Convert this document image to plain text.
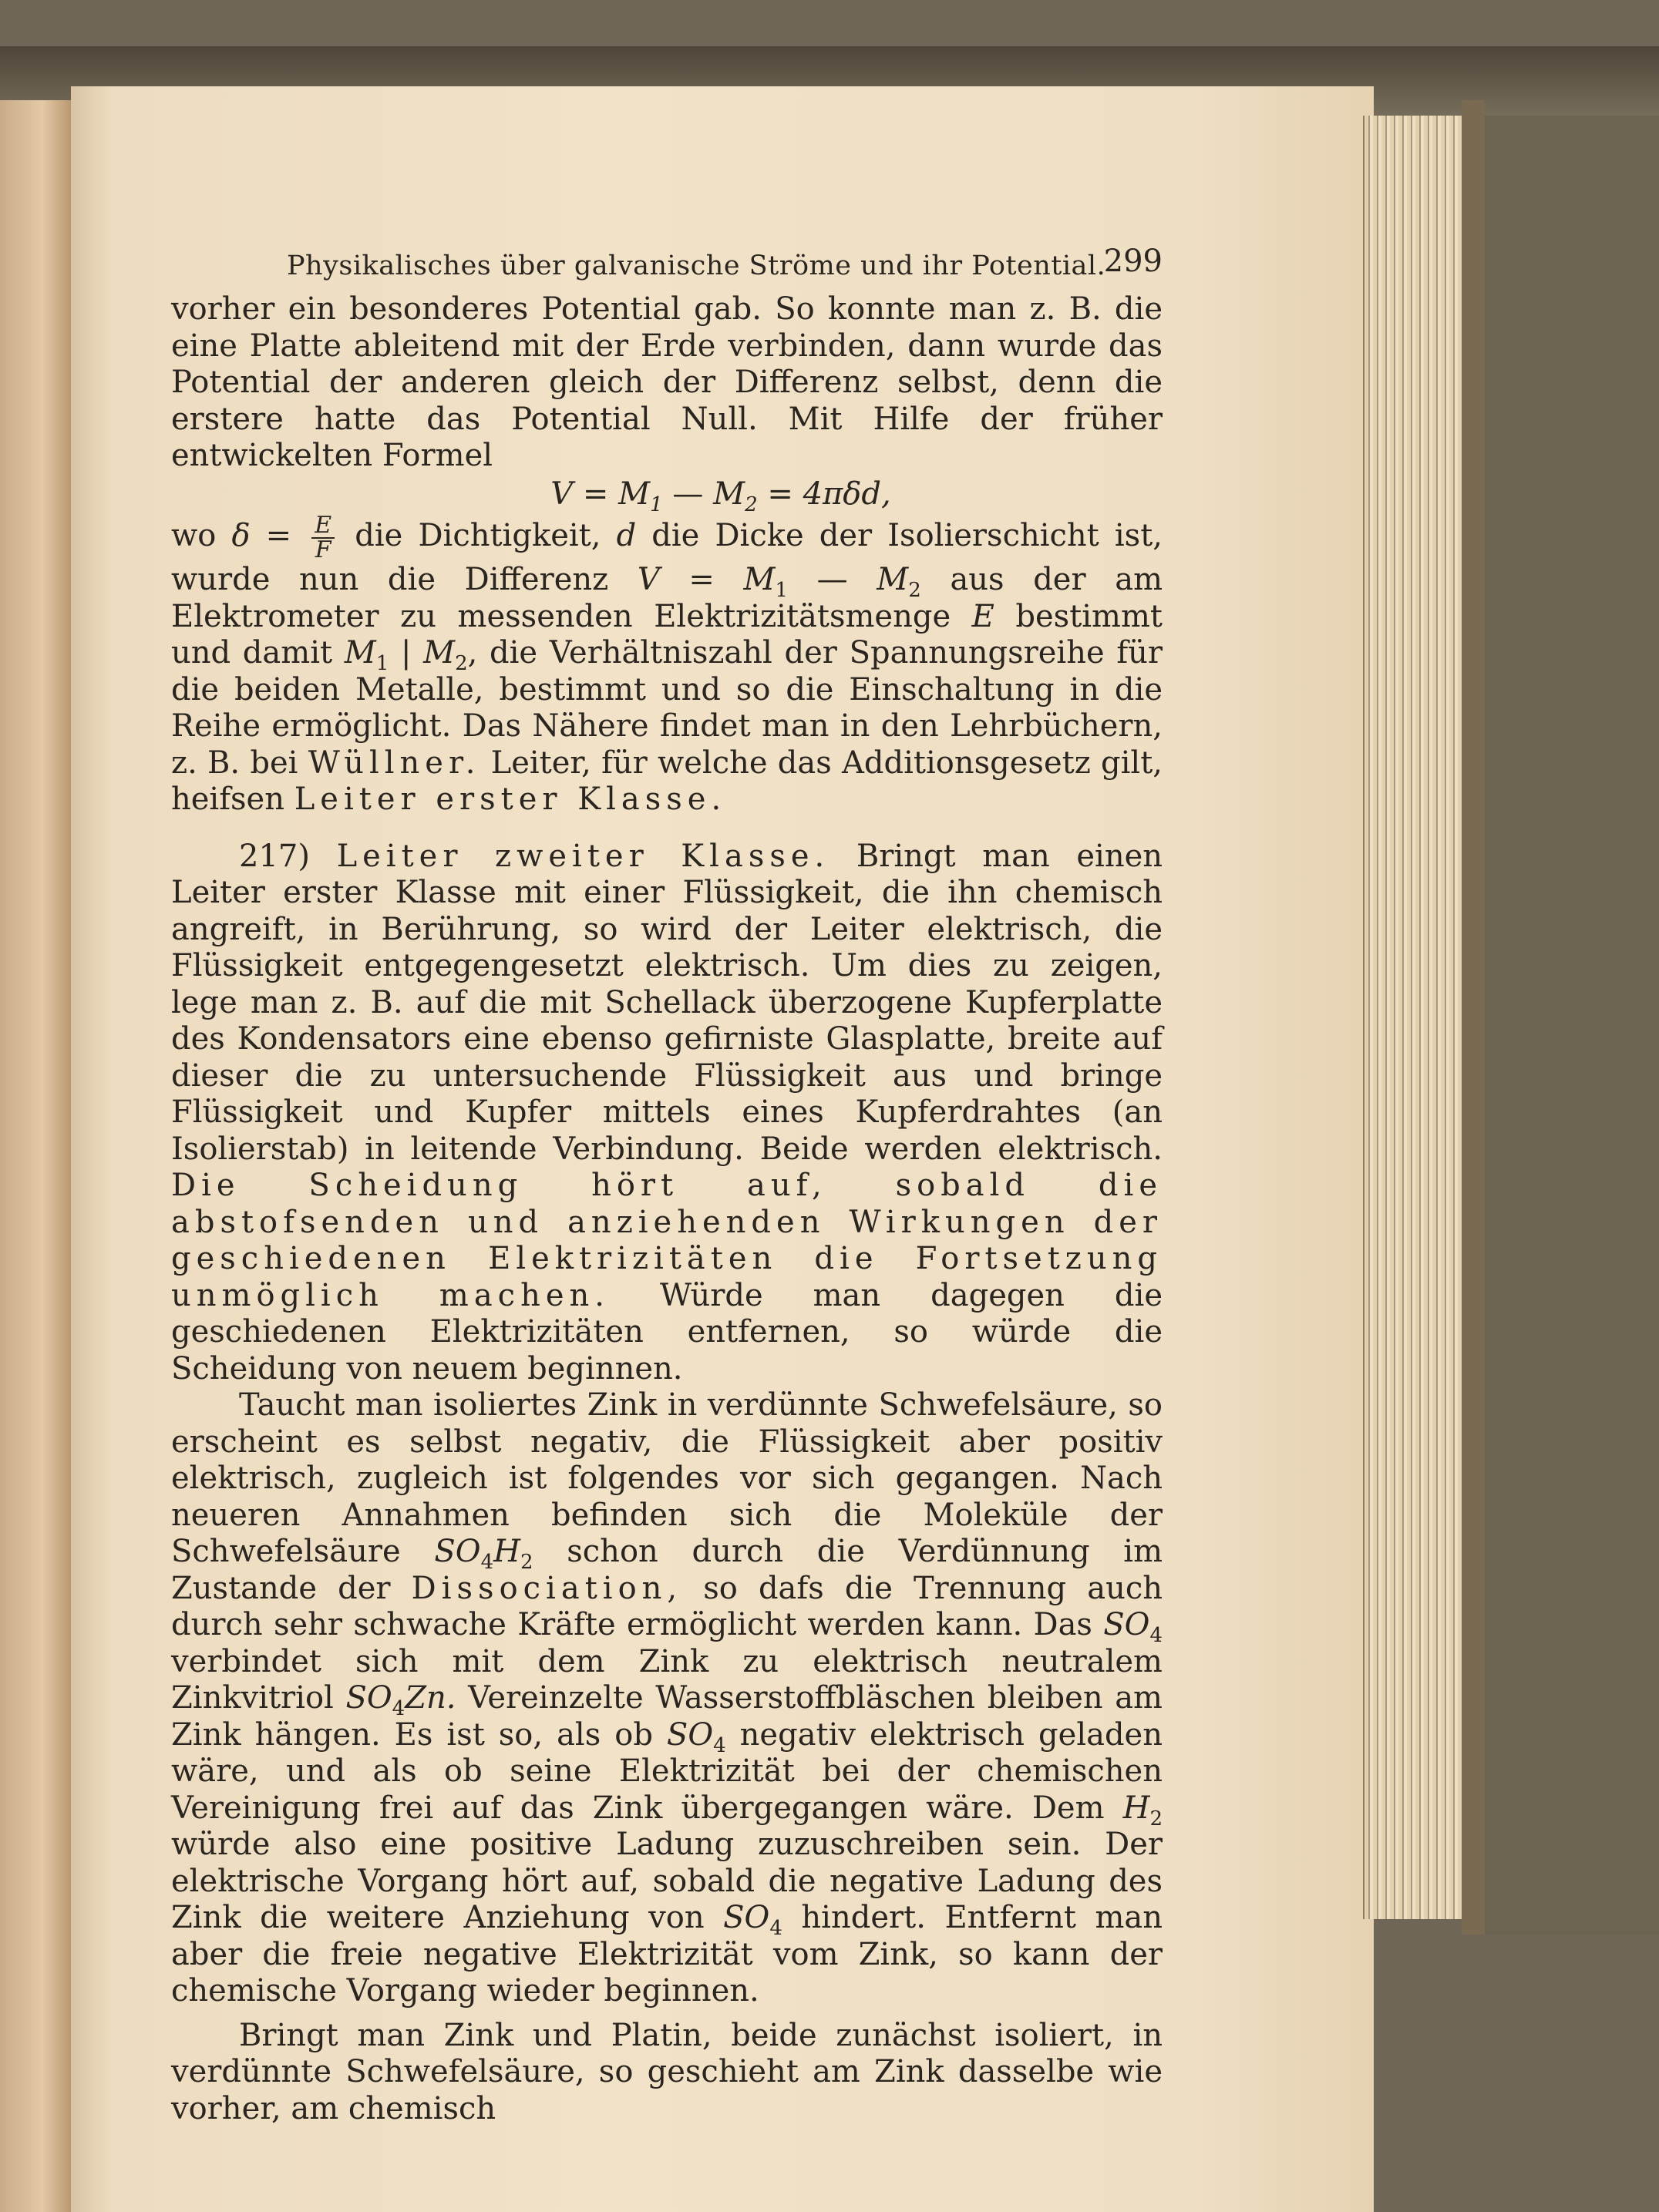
Physikalisches über galvanische Ströme und ihr Potential.
299

vorher ein besonderes Potential gab. So konnte man z. B. die eine Platte ableitend mit der Erde verbinden, dann wurde das Potential der anderen gleich der Differenz selbst, denn die erstere hatte das Potential Null. Mit Hilfe der früher entwickelten Formel

$V = M_1$ — $M_2 = 4\pi\delta d$,

wo $\delta = \frac{E}{F}$ die Dichtigkeit, d die Dicke der Isolierschicht ist, wurde nun die Differenz $V = M_1$ — $M_2$ aus der am Elektrometer zu messenden Elektrizitätsmenge E bestimmt und damit $M_1$ | $M_2$, die Verhältniszahl der Spannungsreihe für die beiden Metalle, bestimmt und so die Einschaltung in die Reihe ermöglicht. Das Nähere findet man in den Lehrbüchern, z. B. bei Wüllner. Leiter, für welche das Additionsgesetz gilt, heifsen Leiter erster Klasse.

217) Leiter zweiter Klasse. Bringt man einen Leiter erster Klasse mit einer Flüssigkeit, die ihn chemisch angreift, in Berührung, so wird der Leiter elektrisch, die Flüssigkeit entgegengesetzt elektrisch. Um dies zu zeigen, lege man z. B. auf die mit Schellack überzogene Kupferplatte des Kondensators eine ebenso gefirniste Glasplatte, breite auf dieser die zu untersuchende Flüssigkeit aus und bringe Flüssigkeit und Kupfer mittels eines Kupferdrahtes (an Isolierstab) in leitende Verbindung. Beide werden elektrisch. Die Scheidung hört auf, sobald die abstofsenden und anziehenden Wirkungen der geschiedenen Elektrizitäten die Fortsetzung unmöglich machen. Würde man dagegen die geschiedenen Elektrizitäten entfernen, so würde die Scheidung von neuem beginnen.

Taucht man isoliertes Zink in verdünnte Schwefelsäure, so erscheint es selbst negativ, die Flüssigkeit aber positiv elektrisch, zugleich ist folgendes vor sich gegangen. Nach neueren Annahmen befinden sich die Moleküle der Schwefelsäure $SO_4H_2$ schon durch die Verdünnung im Zustande der Dissociation, so dafs die Trennung auch durch sehr schwache Kräfte ermöglicht werden kann. Das $SO_4$ verbindet sich mit dem Zink zu elektrisch neutralem Zinkvitriol $SO_4Zn$. Vereinzelte Wasserstoffbläschen bleiben am Zink hängen. Es ist so, als ob $SO_4$ negativ elektrisch geladen wäre, und als ob seine Elektrizität bei der chemischen Vereinigung frei auf das Zink übergegangen wäre. Dem $H_2$ würde also eine positive Ladung zuzuschreiben sein. Der elektrische Vorgang hört auf, sobald die negative Ladung des Zink die weitere Anziehung von $SO_4$ hindert. Entfernt man aber die freie negative Elektrizität vom Zink, so kann der chemische Vorgang wieder beginnen.

Bringt man Zink und Platin, beide zunächst isoliert, in verdünnte Schwefelsäure, so geschieht am Zink dasselbe wie vorher, am chemisch
